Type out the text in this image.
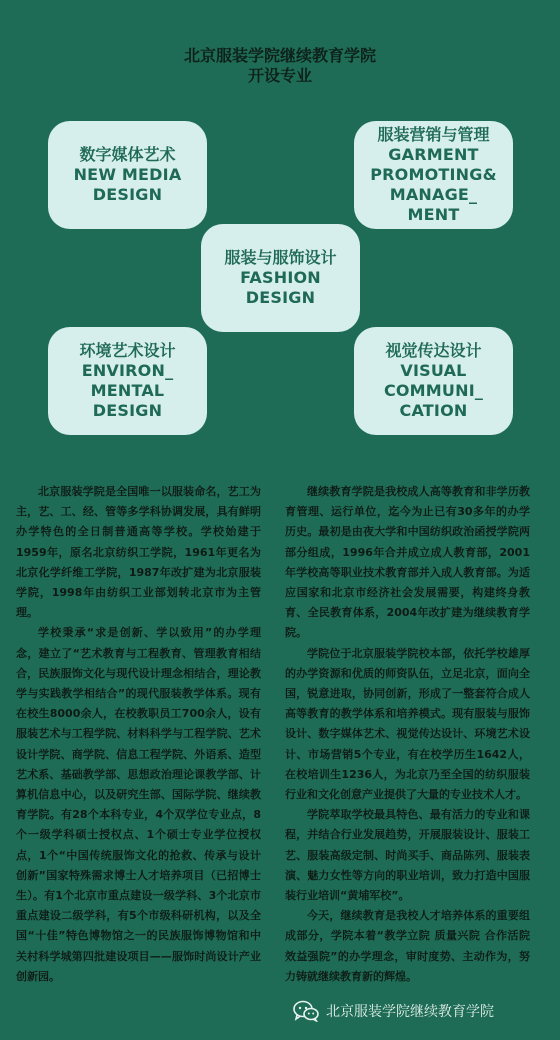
北京服装学院继续教育学院
开设专业
数字媒体艺术
NEW MEDIA
DESIGN
服装营销与管理
GARMENT
PROMOTING&
MANAGE_
MENT
服装与服饰设计
FASHION
DESIGN
环境艺术设计
ENVIRON_
MENTAL
DESIGN
视觉传达设计
VISUAL
COMMUNI_
CATION

北京服装学院是全国唯一以服装命名，艺工为主，艺、工、经、管等多学科协调发展，具有鲜明办学特色的全日制普通高等学校。学校始建于1959年，原名北京纺织工学院，1961年更名为北京化学纤维工学院，1987年改扩建为北京服装学院，1998年由纺织工业部划转北京市为主管理。

学校秉承“求是创新、学以致用”的办学理念，建立了“艺术教育与工程教育、管理教育相结合，民族服饰文化与现代设计理念相结合，理论教学与实践教学相结合”的现代服装教学体系。现有在校生8000余人，在校教职员工700余人，设有服装艺术与工程学院、材料科学与工程学院、艺术设计学院、商学院、信息工程学院、外语系、造型艺术系、基础教学部、思想政治理论课教学部、计算机信息中心，以及研究生部、国际学院、继续教育学院。有28个本科专业，4个双学位专业点，8个一级学科硕士授权点、1个硕士专业学位授权点，1个“中国传统服饰文化的抢救、传承与设计创新”国家特殊需求博士人才培养项目（已招博士生）。有1个北京市重点建设一级学科、3个北京市重点建设二级学科，有5个市级科研机构，以及全国“十佳”特色博物馆之一的民族服饰博物馆和中关村科学城第四批建设项目——服饰时尚设计产业创新园。

继续教育学院是我校成人高等教育和非学历教育管理、运行单位，迄今为止已有30多年的办学历史。最初是由夜大学和中国纺织政治函授学院两部分组成，1996年合并成立成人教育部，2001年学校高等职业技术教育部并入成人教育部。为适应国家和北京市经济社会发展需要，构建终身教育、全民教育体系，2004年改扩建为继续教育学院。

学院位于北京服装学院校本部，依托学校雄厚的办学资源和优质的师资队伍，立足北京，面向全国，锐意进取，协同创新，形成了一整套符合成人高等教育的教学体系和培养模式。现有服装与服饰设计、数字媒体艺术、视觉传达设计、环境艺术设计、市场营销5个专业，有在校学历生1642人，在校培训生1236人，为北京乃至全国的纺织服装行业和文化创意产业提供了大量的专业技术人才。

学院萃取学校最具特色、最有活力的专业和课程，并结合行业发展趋势，开展服装设计、服装工艺、服装高级定制、时尚买手、商品陈列、服装表演、魅力女性等方向的职业培训，致力打造中国服装行业培训“黄埔军校”。

今天，继续教育是我校人才培养体系的重要组成部分，学院本着“教学立院 质量兴院 合作活院 效益强院”的办学理念，审时度势、主动作为，努力铸就继续教育新的辉煌。

北京服装学院继续教育学院
